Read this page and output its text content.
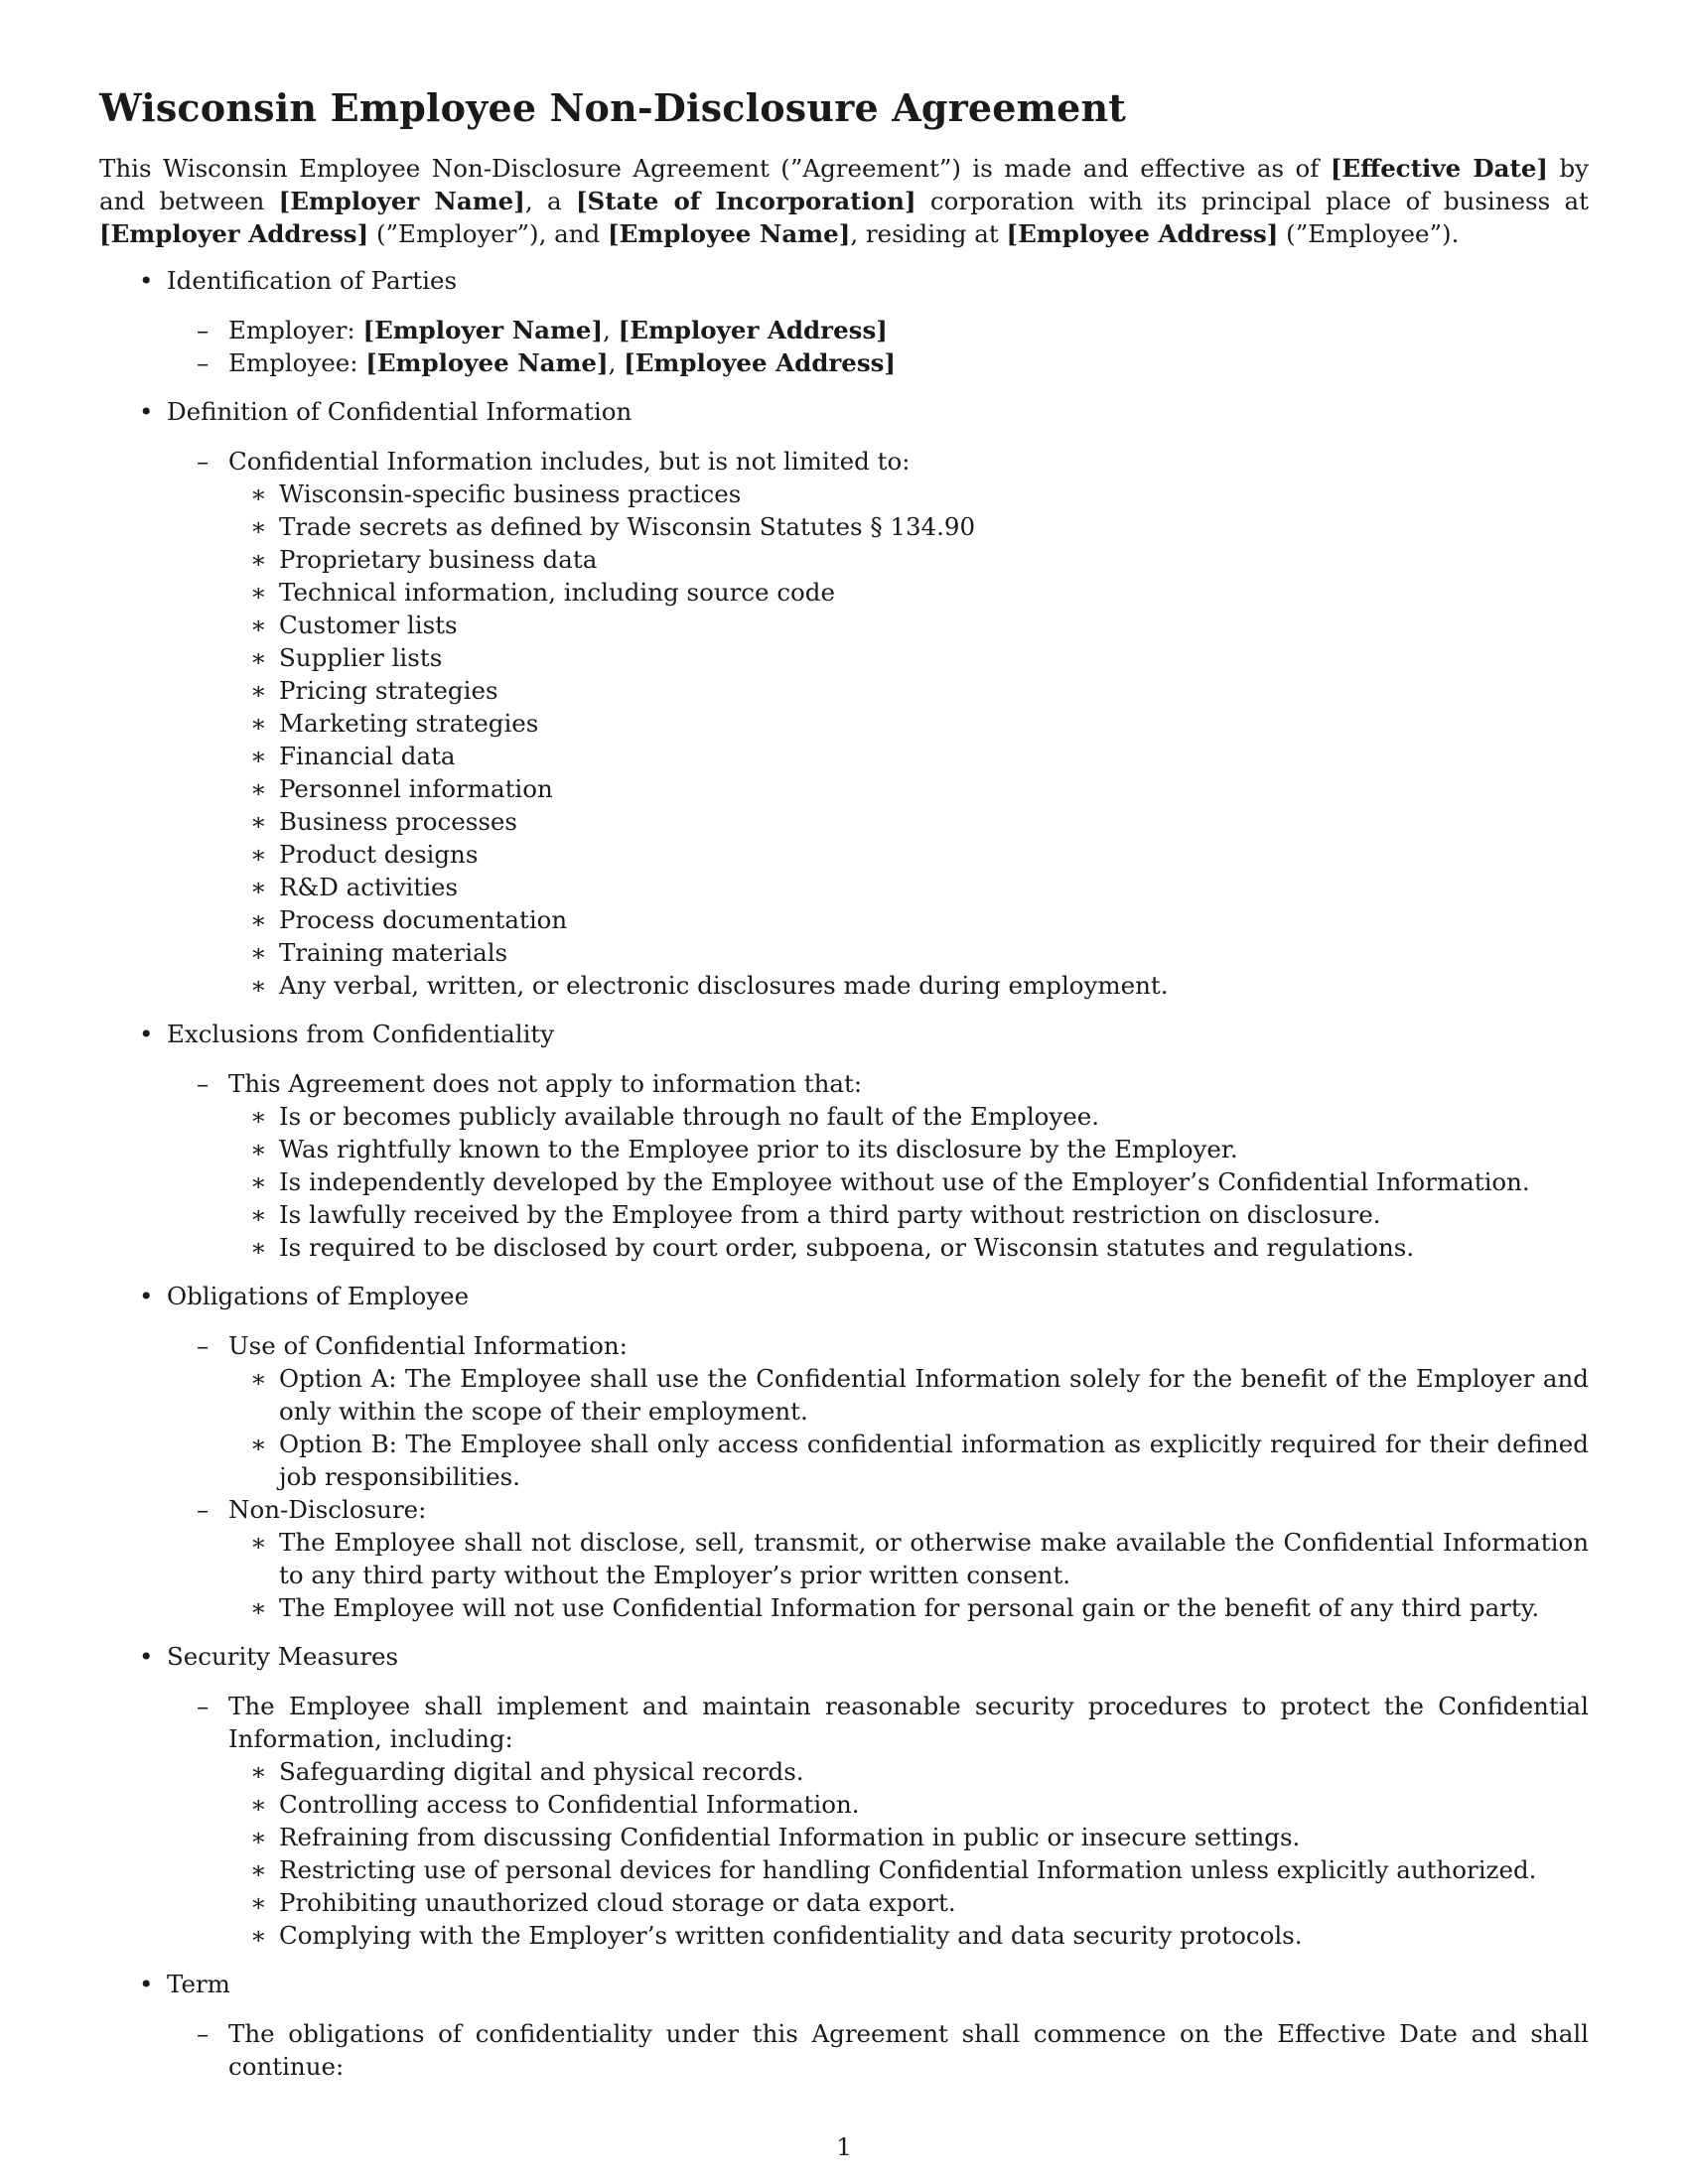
Wisconsin Employee Non-Disclosure Agreement

This Wisconsin Employee Non-Disclosure Agreement (”Agreement”) is made and effective as of [Effective Date] by and between [Employer Name], a [State of Incorporation] corporation with its principal place of business at [Employer Address] (”Employer”), and [Employee Name], residing at [Employee Address] (”Employee”).

• Identification of Parties
– Employer: [Employer Name], [Employer Address]
– Employee: [Employee Name], [Employee Address]
• Definition of Confidential Information
– Confidential Information includes, but is not limited to:
∗ Wisconsin-specific business practices
∗ Trade secrets as defined by Wisconsin Statutes § 134.90
∗ Proprietary business data
∗ Technical information, including source code
∗ Customer lists
∗ Supplier lists
∗ Pricing strategies
∗ Marketing strategies
∗ Financial data
∗ Personnel information
∗ Business processes
∗ Product designs
∗ R&D activities
∗ Process documentation
∗ Training materials
∗ Any verbal, written, or electronic disclosures made during employment.
• Exclusions from Confidentiality
– This Agreement does not apply to information that:
∗ Is or becomes publicly available through no fault of the Employee.
∗ Was rightfully known to the Employee prior to its disclosure by the Employer.
∗ Is independently developed by the Employee without use of the Employer’s Confidential Information.
∗ Is lawfully received by the Employee from a third party without restriction on disclosure.
∗ Is required to be disclosed by court order, subpoena, or Wisconsin statutes and regulations.
• Obligations of Employee
– Use of Confidential Information:
∗ Option A: The Employee shall use the Confidential Information solely for the benefit of the Employer and only within the scope of their employment.
∗ Option B: The Employee shall only access confidential information as explicitly required for their defined job responsibilities.
– Non-Disclosure:
∗ The Employee shall not disclose, sell, transmit, or otherwise make available the Confidential Information to any third party without the Employer’s prior written consent.
∗ The Employee will not use Confidential Information for personal gain or the benefit of any third party.
• Security Measures
– The Employee shall implement and maintain reasonable security procedures to protect the Confidential Information, including:
∗ Safeguarding digital and physical records.
∗ Controlling access to Confidential Information.
∗ Refraining from discussing Confidential Information in public or insecure settings.
∗ Restricting use of personal devices for handling Confidential Information unless explicitly authorized.
∗ Prohibiting unauthorized cloud storage or data export.
∗ Complying with the Employer’s written confidentiality and data security protocols.
• Term
– The obligations of confidentiality under this Agreement shall commence on the Effective Date and shall continue:
1
